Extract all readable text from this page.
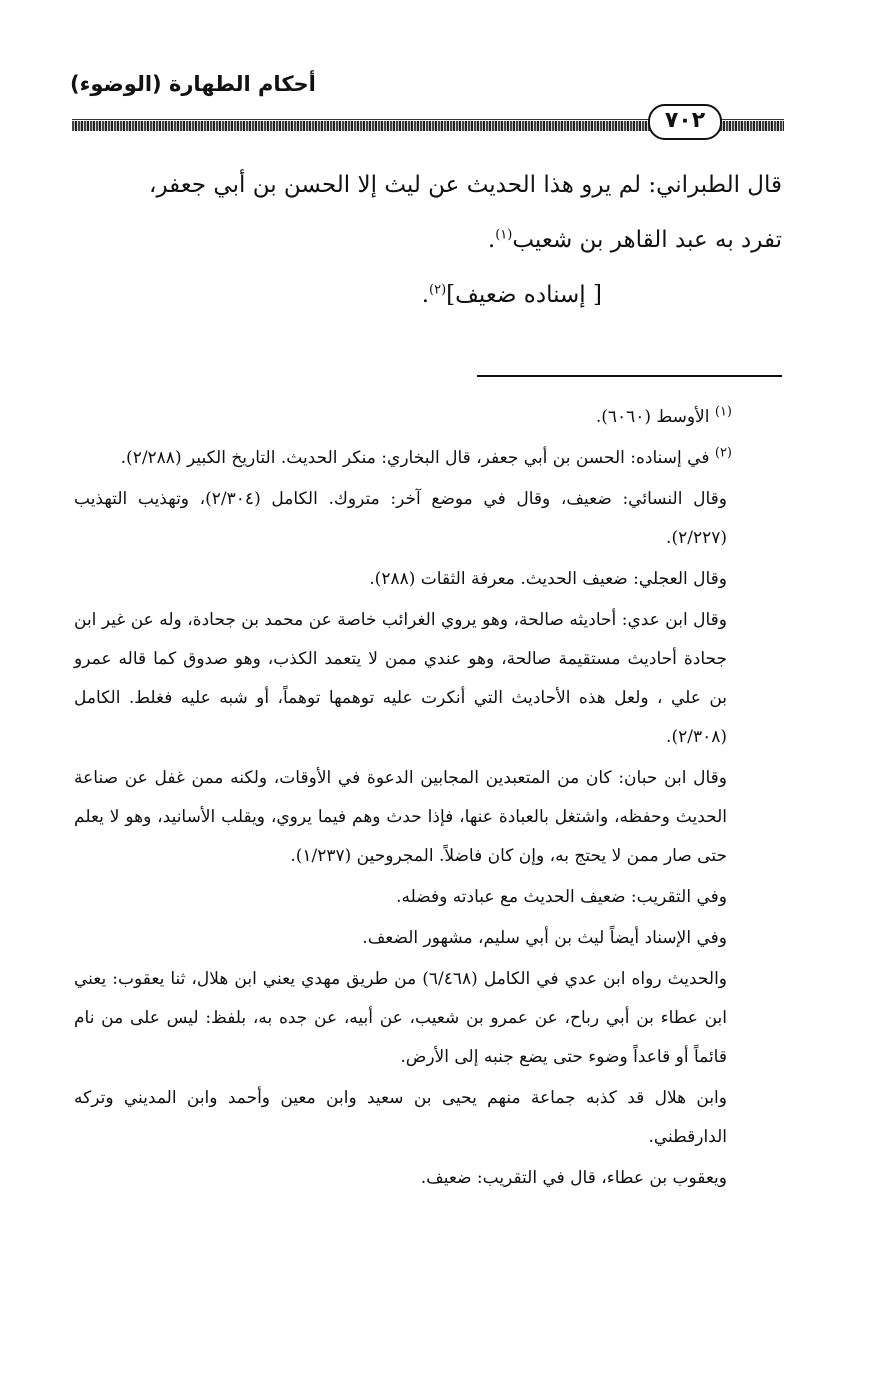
أحكام الطهارة (الوضوء)
٧٠٢

قال الطبراني: لم يرو هذا الحديث عن ليث إلا الحسن بن أبي جعفر،

تفرد به عبد القاهر بن شعيب$^{(١)}$.

[ إسناده ضعيف]$^{(٢)}$.

$^{(١)}$ الأوسط (٦٠٦٠).

$^{(٢)}$ في إسناده: الحسن بن أبي جعفر، قال البخاري: منكر الحديث. التاريخ الكبير (٢/٢٨٨).

وقال النسائي: ضعيف، وقال في موضع آخر: متروك. الكامل (٢/٣٠٤)، وتهذيب التهذيب (٢/٢٢٧).

وقال العجلي: ضعيف الحديث. معرفة الثقات (٢٨٨).

وقال ابن عدي: أحاديثه صالحة، وهو يروي الغرائب خاصة عن محمد بن جحادة، وله عن غير ابن جحادة أحاديث مستقيمة صالحة، وهو عندي ممن لا يتعمد الكذب، وهو صدوق كما قاله عمرو بن علي ، ولعل هذه الأحاديث التي أنكرت عليه توهمها توهماً، أو شبه عليه فغلط. الكامل (٢/٣٠٨).

وقال ابن حبان: كان من المتعبدين المجابين الدعوة في الأوقات، ولكنه ممن غفل عن صناعة الحديث وحفظه، واشتغل بالعبادة عنها، فإذا حدث وهم فيما يروي، ويقلب الأسانيد، وهو لا يعلم حتى صار ممن لا يحتج به، وإن كان فاضلاً. المجروحين (١/٢٣٧).

وفي التقريب: ضعيف الحديث مع عبادته وفضله.

وفي الإسناد أيضاً ليث بن أبي سليم، مشهور الضعف.

والحديث رواه ابن عدي في الكامل (٦/٤٦٨) من طريق مهدي يعني ابن هلال، ثنا يعقوب: يعني ابن عطاء بن أبي رباح، عن عمرو بن شعيب، عن أبيه، عن جده به، بلفظ: ليس على من نام قائماً أو قاعداً وضوء حتى يضع جنبه إلى الأرض.

وابن هلال قد كذبه جماعة منهم يحيى بن سعيد وابن معين وأحمد وابن المديني وتركه الدارقطني.

ويعقوب بن عطاء، قال في التقريب: ضعيف.
